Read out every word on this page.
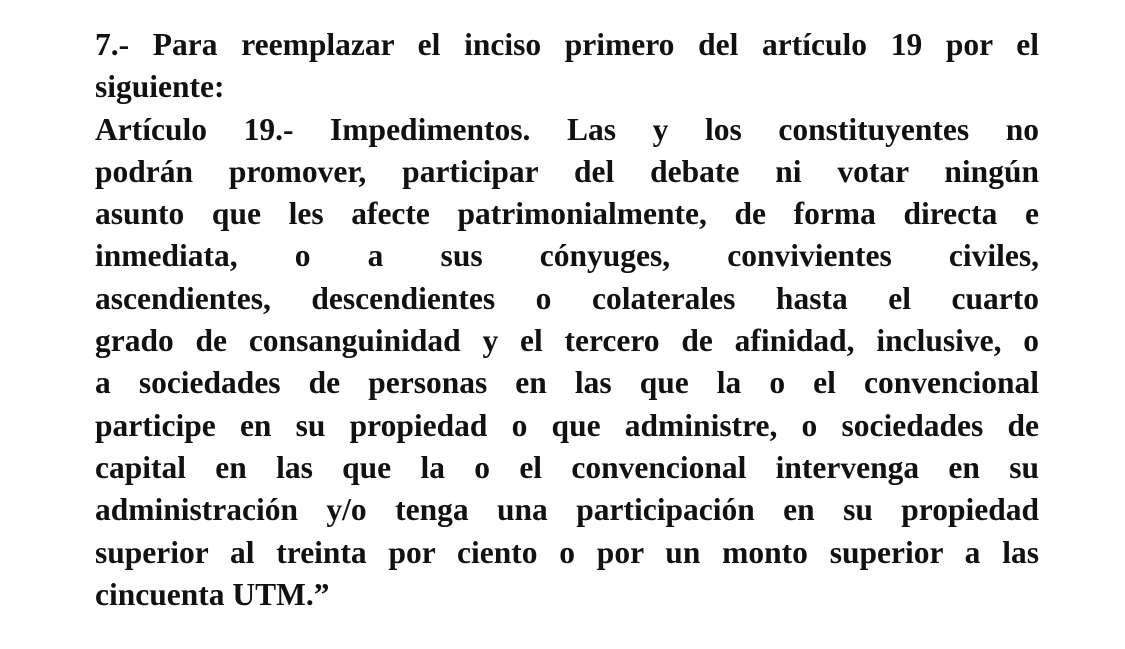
7.- Para reemplazar el inciso primero del artículo 19 por el
siguiente:
Artículo 19.- Impedimentos. Las y los constituyentes no
podrán promover, participar del debate ni votar ningún
asunto que les afecte patrimonialmente, de forma directa e
inmediata, o a sus cónyuges, convivientes civiles,
ascendientes, descendientes o colaterales hasta el cuarto
grado de consanguinidad y el tercero de afinidad, inclusive, o
a sociedades de personas en las que la o el convencional
participe en su propiedad o que administre, o sociedades de
capital en las que la o el convencional intervenga en su
administración y/o tenga una participación en su propiedad
superior al treinta por ciento o por un monto superior a las
cincuenta UTM.”
